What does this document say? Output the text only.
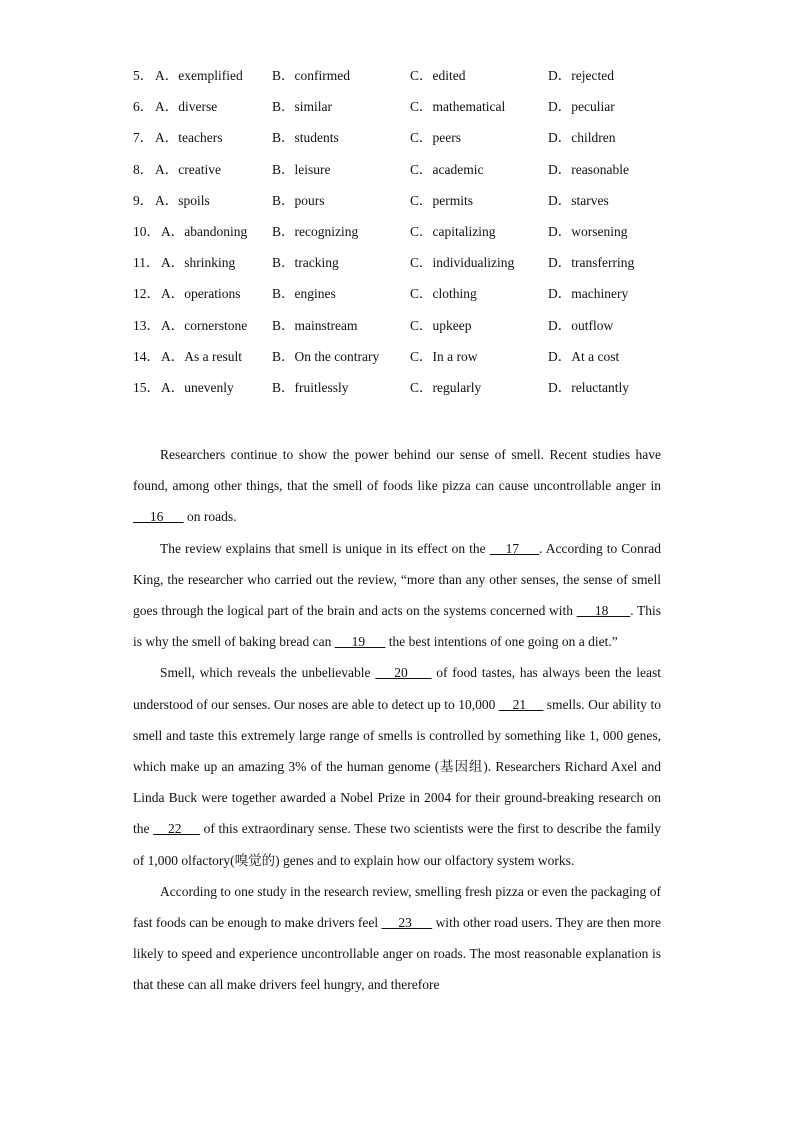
5． A．exemplified B．confirmed	C．edited	D．rejected
6． A．diverse	B．similar	C．mathematical	D．peculiar
7． A．teachers	B．students	C．peers	D．children
8． A．creative	B．leisure	C．academic	D．reasonable
9． A．spoils	B．pours	C．permits	D．starves
10． A．abandoning B．recognizing	C．capitalizing	D．worsening
11． A．shrinking	B．tracking	C．individualizing	D．transferring
12． A．operations B．engines	C．clothing	D．machinery
13． A．cornerstone B．mainstream	C．upkeep	D．outflow
14． A．As a result B．On the contrary C．In a row	D．At a cost
15． A．unevenly	B．fruitlessly	C．regularly	D．reluctantly

Researchers continue to show the power behind our sense of smell. Recent studies have found, among other things, that the smell of foods like pizza can cause uncontrollable anger in      16       on roads.

The review explains that smell is unique in its effect on the     17     . According to Conrad King, the researcher who carried out the review, “more than any other senses, the sense of smell goes through the logical part of the brain and acts on the systems concerned with      18      . This is why the smell of baking bread can      19       the best intentions of one going on a diet.”

Smell, which reveals the unbelievable     20      of food tastes, has always been the least understood of our senses. Our noses are able to detect up to 10,000     21      smells. Our ability to smell and taste this extremely large range of smells is controlled by something like 1, 000 genes, which make up an amazing 3% of the human genome (基因组). Researchers Richard Axel and Linda Buck were together awarded a Nobel Prize in 2004 for their ground-breaking research on the     22      of this extraordinary sense. These two scientists were the first to describe the family of 1,000 olfactory(嗅觉的) genes and to explain how our olfactory system works.

According to one study in the research review, smelling fresh pizza or even the packaging of fast foods can be enough to make drivers feel      23       with other road users. They are then more likely to speed and experience uncontrollable anger on roads. The most reasonable explanation is that these can all make drivers feel hungry, and therefore
